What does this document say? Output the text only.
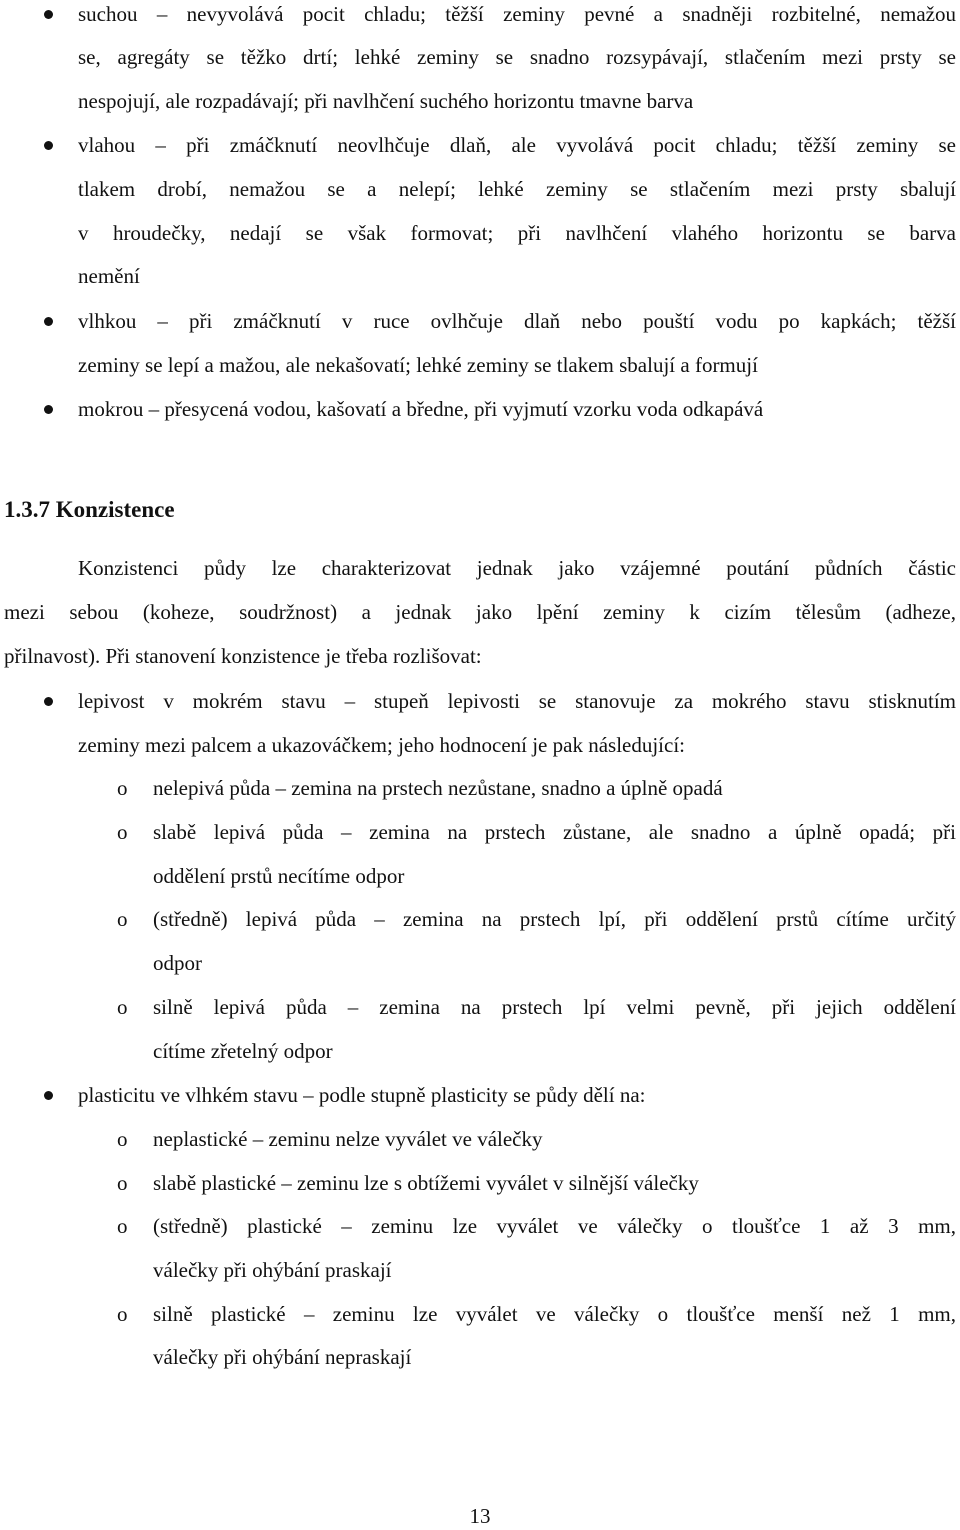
suchou – nevyvolává pocit chladu; těžší zeminy pevné a snadněji rozbitelné, nemažou

se, agregáty se těžko drtí; lehké zeminy se snadno rozsypávají, stlačením mezi prsty se

nespojují, ale rozpadávají; při navlhčení suchého horizontu tmavne barva

vlahou – při zmáčknutí neovlhčuje dlaň, ale vyvolává pocit chladu; těžší zeminy se

tlakem drobí, nemažou se a nelepí; lehké zeminy se stlačením mezi prsty sbalují

v hroudečky, nedají se však formovat; při navlhčení vlahého horizontu se barva

nemění

vlhkou – při zmáčknutí v ruce ovlhčuje dlaň nebo pouští vodu po kapkách; těžší

zeminy se lepí a mažou, ale nekašovatí; lehké zeminy se tlakem sbalují a formují

mokrou – přesycená vodou, kašovatí a bředne, při vyjmutí vzorku voda odkapává

1.3.7 Konzistence

Konzistenci půdy lze charakterizovat jednak jako vzájemné poutání půdních částic

mezi sebou (koheze, soudržnost) a jednak jako lpění zeminy k cizím tělesům (adheze,

přilnavost). Při stanovení konzistence je třeba rozlišovat:

lepivost v mokrém stavu – stupeň lepivosti se stanovuje za mokrého stavu stisknutím

zeminy mezi palcem a ukazováčkem; jeho hodnocení je pak následující:

o nelepivá půda – zemina na prstech nezůstane, snadno a úplně opadá

o slabě lepivá půda – zemina na prstech zůstane, ale snadno a úplně opadá; při

oddělení prstů necítíme odpor

o (středně) lepivá půda – zemina na prstech lpí, při oddělení prstů cítíme určitý

odpor

o silně lepivá půda – zemina na prstech lpí velmi pevně, při jejich oddělení

cítíme zřetelný odpor

plasticitu ve vlhkém stavu – podle stupně plasticity se půdy dělí na:

o neplastické – zeminu nelze vyválet ve válečky

o slabě plastické – zeminu lze s obtížemi vyválet v silnější válečky

o (středně) plastické – zeminu lze vyválet ve válečky o tloušťce 1 až 3 mm,

válečky při ohýbání praskají

o silně plastické – zeminu lze vyválet ve válečky o tloušťce menší než 1 mm,

válečky při ohýbání nepraskají

13
